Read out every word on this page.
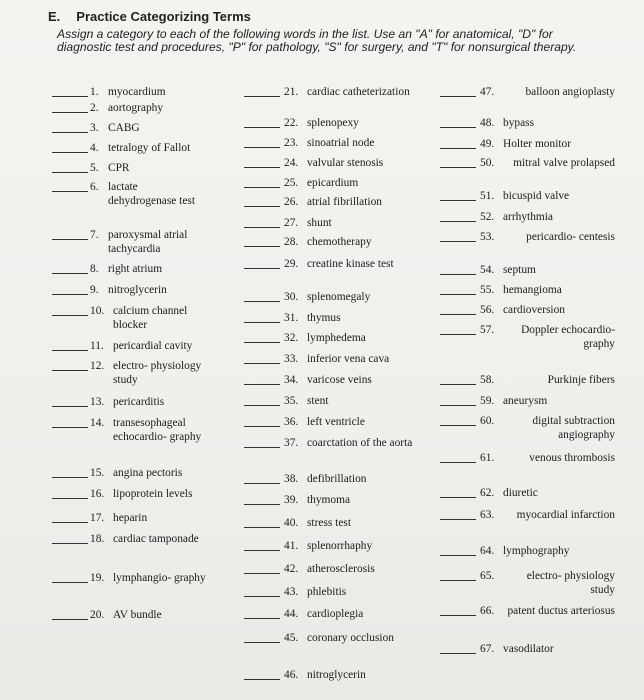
E. Practice Categorizing Terms
Assign a category to each of the following words in the list. Use an "A" for anatomical, "D" for diagnostic test and procedures, "P" for pathology, "S" for surgery, and "T" for nonsurgical therapy.
1. myocardium
2. aortography
3. CABG
4. tetralogy of Fallot
5. CPR
6. lactate dehydrogenase test
7. paroxysmal atrial tachycardia
8. right atrium
9. nitroglycerin
10. calcium channel blocker
11. pericardial cavity
12. electro- physiology study
13. pericarditis
14. transesophageal echocardio- graphy
15. angina pectoris
16. lipoprotein levels
17. heparin
18. cardiac tamponade
19. lymphangio- graphy
20. AV bundle
21. cardiac catheterization
22. splenopexy
23. sinoatrial node
24. valvular stenosis
25. epicardium
26. atrial fibrillation
27. shunt
28. chemotherapy
29. creatine kinase test
30. splenomegaly
31. thymus
32. lymphedema
33. inferior vena cava
34. varicose veins
35. stent
36. left ventricle
37. coarctation of the aorta
38. defibrillation
39. thymoma
40. stress test
41. splenorrhaphy
42. atherosclerosis
43. phlebitis
44. cardioplegia
45. coronary occlusion
46. nitroglycerin
47.	balloon angioplasty
48. bypass
49. Holter monitor
50.	mitral valve prolapsed
51. bicuspid valve
52. arrhythmia
53.	pericardio- centesis
54. septum
55. hemangioma
56. cardioversion
57.	Doppler echocardio- graphy
58.	Purkinje fibers
59. aneurysm
60.	digital subtraction angiography
61.	venous thrombosis
62. diuretic
63.	myocardial infarction
64. lymphography
65.	electro- physiology study
66.	patent ductus arteriosus
67. vasodilator
